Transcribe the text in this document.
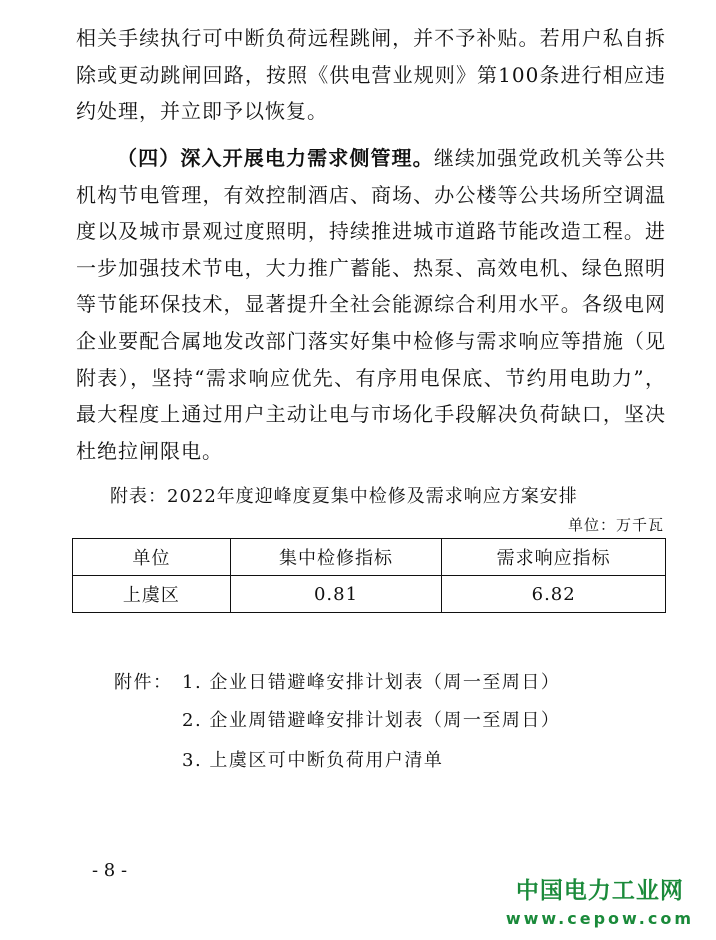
相关手续执行可中断负荷远程跳闸，并不予补贴。若用户私自拆除或更动跳闸回路，按照《供电营业规则》第100条进行相应违约处理，并立即予以恢复。

（四）深入开展电力需求侧管理。继续加强党政机关等公共机构节电管理，有效控制酒店、商场、办公楼等公共场所空调温度以及城市景观过度照明，持续推进城市道路节能改造工程。进一步加强技术节电，大力推广蓄能、热泵、高效电机、绿色照明等节能环保技术，显著提升全社会能源综合利用水平。各级电网企业要配合属地发改部门落实好集中检修与需求响应等措施（见附表），坚持“需求响应优先、有序用电保底、节约用电助力”，最大程度上通过用户主动让电与市场化手段解决负荷缺口，坚决杜绝拉闸限电。

附表：2022年度迎峰度夏集中检修及需求响应方案安排
单位：万千瓦
单位	集中检修指标	需求响应指标
上虞区	0.81	6.82
附件： 1. 企业日错避峰安排计划表（周一至周日）
2. 企业周错避峰安排计划表（周一至周日）
3. 上虞区可中断负荷用户清单
- 8 -
中国电力工业网
www.cepow.com
